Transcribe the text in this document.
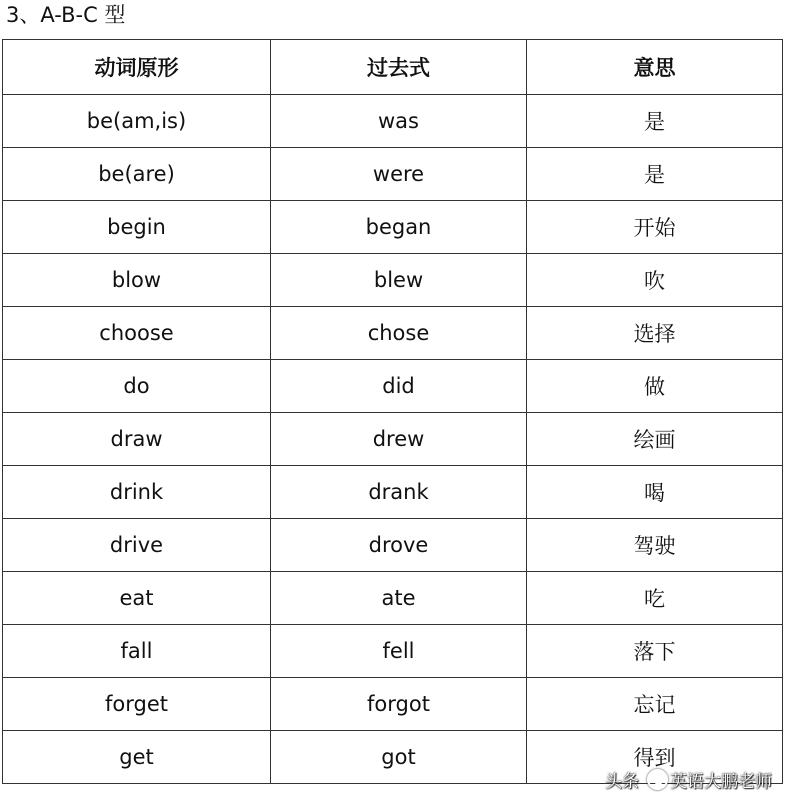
3、A-B-C 型
动词原形	过去式	意思
be(am,is)	was	是
be(are)	were	是
begin	began	开始
blow	blew	吹
choose	chose	选择
do	did	做
draw	drew	绘画
drink	drank	喝
drive	drove	驾驶
eat	ate	吃
fall	fell	落下
forget	forgot	忘记
get	got	得到
头条 英语大鹏老师
